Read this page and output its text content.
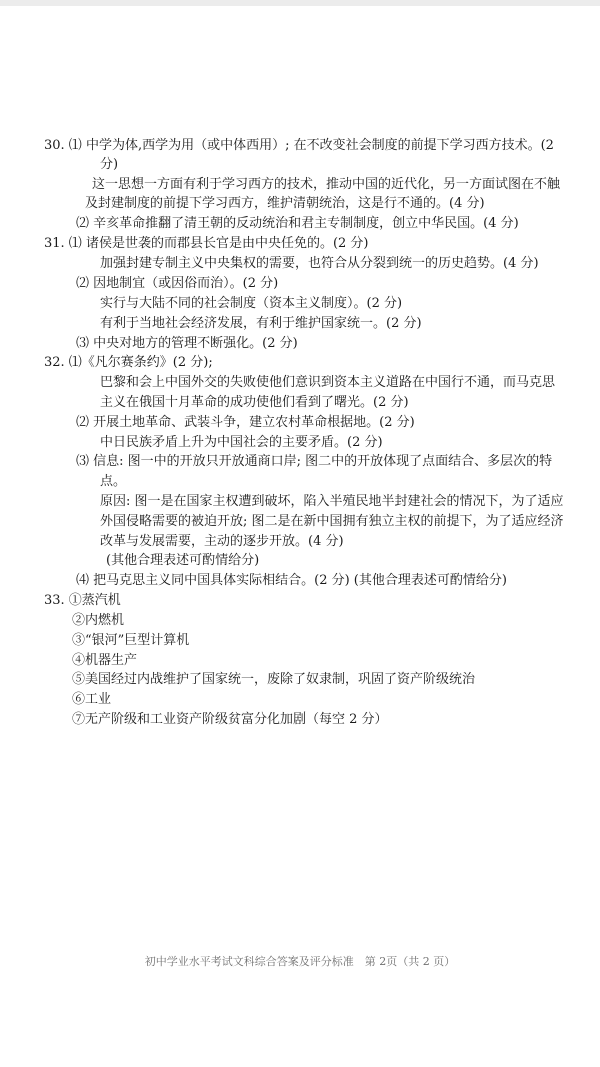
30. ⑴ 中学为体,西学为用（或中体西用）; 在不改变社会制度的前提下学习西方技术。(2
分)
这一思想一方面有利于学习西方的技术，推动中国的近代化，另一方面试图在不触
及封建制度的前提下学习西方，维护清朝统治，这是行不通的。(4 分)
⑵ 辛亥革命推翻了清王朝的反动统治和君主专制制度，创立中华民国。(4 分)
31. ⑴ 诸侯是世袭的而郡县长官是由中央任免的。(2 分)
加强封建专制主义中央集权的需要，也符合从分裂到统一的历史趋势。(4 分)
⑵ 因地制宜（或因俗而治）。(2 分)
实行与大陆不同的社会制度（资本主义制度）。(2 分)
有利于当地社会经济发展，有利于维护国家统一。(2 分)
⑶ 中央对地方的管理不断强化。(2 分)
32. ⑴《凡尔赛条约》(2 分);
巴黎和会上中国外交的失败使他们意识到资本主义道路在中国行不通，而马克思
主义在俄国十月革命的成功使他们看到了曙光。(2 分)
⑵ 开展土地革命、武装斗争，建立农村革命根据地。(2 分)
中日民族矛盾上升为中国社会的主要矛盾。(2 分)
⑶ 信息: 图一中的开放只开放通商口岸; 图二中的开放体现了点面结合、多层次的特
点。
原因: 图一是在国家主权遭到破坏，陷入半殖民地半封建社会的情况下，为了适应
外国侵略需要的被迫开放; 图二是在新中国拥有独立主权的前提下，为了适应经济
改革与发展需要，主动的逐步开放。(4 分)
(其他合理表述可酌情给分)
⑷ 把马克思主义同中国具体实际相结合。(2 分) (其他合理表述可酌情给分)
33. ①蒸汽机
②内燃机
③“银河”巨型计算机
④机器生产
⑤美国经过内战维护了国家统一，废除了奴隶制，巩固了资产阶级统治
⑥工业
⑦无产阶级和工业资产阶级贫富分化加剧（每空 2 分）
初中学业水平考试文科综合答案及评分标准　第 2页（共 2 页）
